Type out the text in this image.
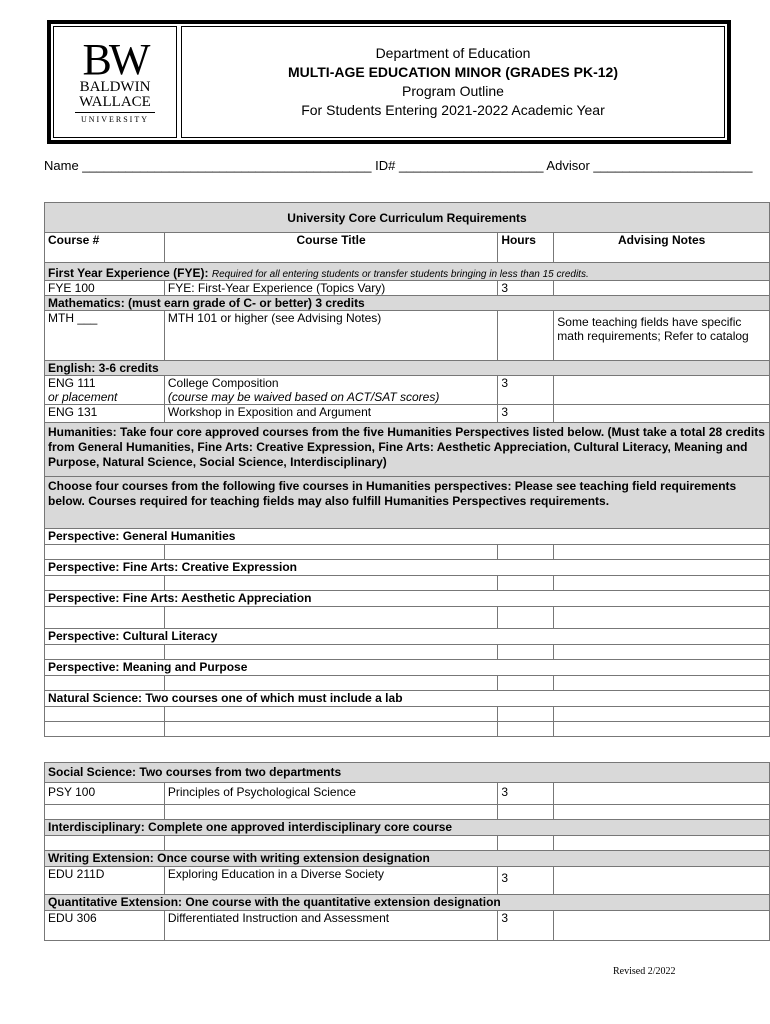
BW
BALDWIN
WALLACE
UNIVERSITY
Department of Education
MULTI-AGE EDUCATION MINOR (GRADES PK-12)
Program Outline
For Students Entering 2021-2022 Academic Year
Name ________________________________________ ID# ____________________ Advisor ______________________
University Core Curriculum Requirements			
Course #	Course Title	Hours	Advising Notes
First Year Experience (FYE): Required for all entering students or transfer students bringing in less than 15 credits.			
FYE 100	FYE: First-Year Experience (Topics Vary)	3	
Mathematics: (must earn grade of C- or better) 3 credits			
MTH ___	MTH 101 or higher (see Advising Notes)		Some teaching fields have specific math requirements; Refer to catalog
English: 3-6 credits			
ENG 111	College Composition	3	
or placement	(course may be waived based on ACT/SAT scores)		
ENG 131	Workshop in Exposition and Argument	3	
Humanities: Take four core approved courses from the five Humanities Perspectives listed below. (Must take a total 28 credits from General Humanities, Fine Arts: Creative Expression, Fine Arts: Aesthetic Appreciation, Cultural Literacy, Meaning and Purpose, Natural Science, Social Science, Interdisciplinary)			
Choose four courses from the following five courses in Humanities perspectives: Please see teaching field requirements below. Courses required for teaching fields may also fulfill Humanities Perspectives requirements.			
Perspective: General Humanities			

Perspective: Fine Arts: Creative Expression			

Perspective: Fine Arts: Aesthetic Appreciation			

Perspective: Cultural Literacy			

Perspective: Meaning and Purpose			

Natural Science: Two courses one of which must include a lab			

Social Science: Two courses from two departments			
PSY 100	Principles of Psychological Science	3	

Interdisciplinary: Complete one approved interdisciplinary core course			

Writing Extension: Once course with writing extension designation			
EDU 211D	Exploring Education in a Diverse Society	3	
Quantitative Extension: One course with the quantitative extension designation			
EDU 306	Differentiated Instruction and Assessment	3	
Revised 2/2022
